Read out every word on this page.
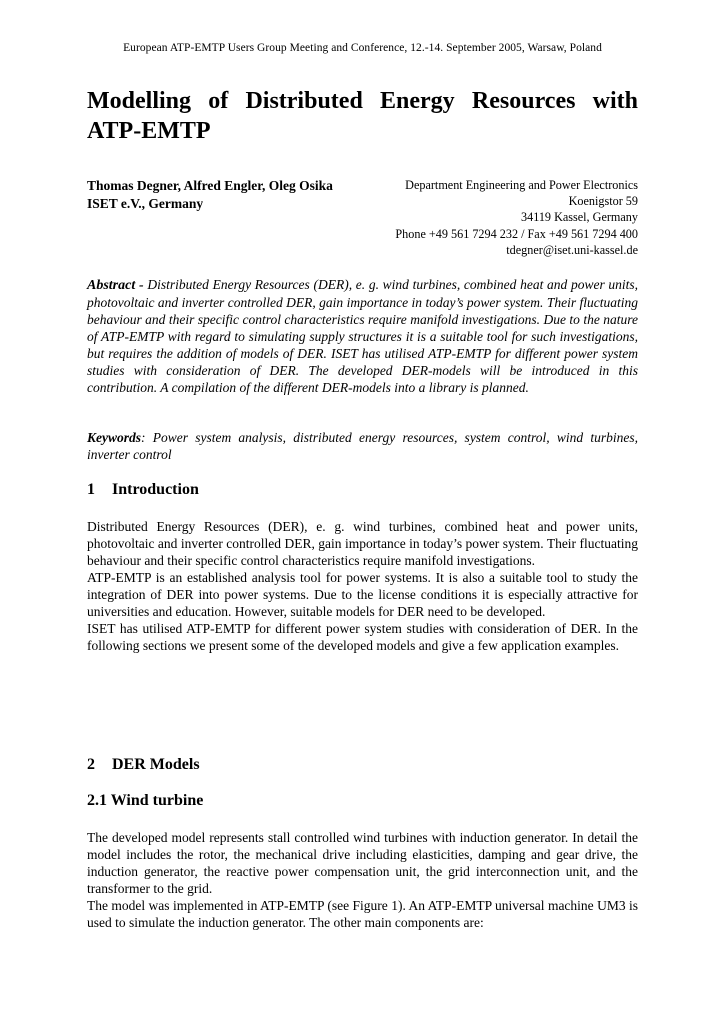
European ATP-EMTP Users Group Meeting and Conference, 12.-14. September 2005, Warsaw, Poland
Modelling of Distributed Energy Resources with
ATP-EMTP
Thomas Degner, Alfred Engler, Oleg Osika
ISET e.V., Germany
Department Engineering and Power Electronics
Koenigstor 59
34119 Kassel, Germany
Phone +49 561 7294 232 / Fax +49 561 7294 400
tdegner@iset.uni-kassel.de
Abstract - Distributed Energy Resources (DER), e. g. wind turbines, combined heat and power units, photovoltaic and inverter controlled DER, gain importance in today’s power system. Their fluctuating behaviour and their specific control characteristics require manifold investigations. Due to the nature of ATP-EMTP with regard to simulating supply structures it is a suitable tool for such investigations, but requires the addition of models of DER. ISET has utilised ATP-EMTP for different power system studies with consideration of DER. The developed DER-models will be introduced in this contribution. A compilation of the different DER-models into a library is planned.
Keywords: Power system analysis, distributed energy resources, system control, wind turbines, inverter control
1 Introduction

Distributed Energy Resources (DER), e. g. wind turbines, combined heat and power units, photovoltaic and inverter controlled DER, gain importance in today’s power system. Their fluctuating behaviour and their specific control characteristics require manifold investigations.

ATP-EMTP is an established analysis tool for power systems. It is also a suitable tool to study the integration of DER into power systems. Due to the license conditions it is especially attractive for universities and education. However, suitable models for DER need to be developed.

ISET has utilised ATP-EMTP for different power system studies with consideration of DER. In the following sections we present some of the developed models and give a few application examples.

2 DER Models
2.1 Wind turbine

The developed model represents stall controlled wind turbines with induction generator. In detail the model includes the rotor, the mechanical drive including elasticities, damping and gear drive, the induction generator, the reactive power compensation unit, the grid interconnection unit, and the transformer to the grid.

The model was implemented in ATP-EMTP (see Figure 1). An ATP-EMTP universal machine UM3 is used to simulate the induction generator. The other main components are:
